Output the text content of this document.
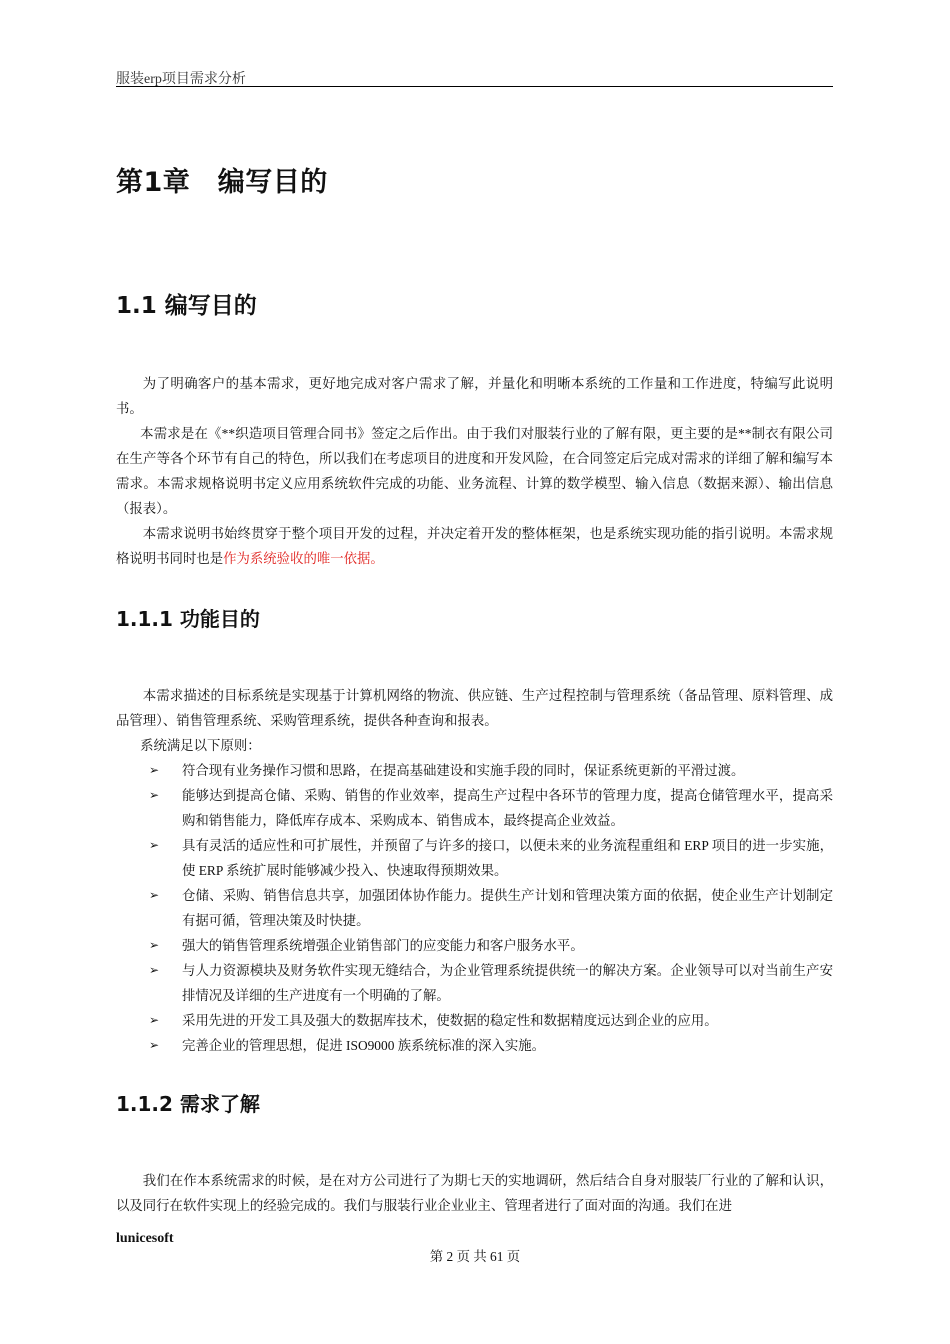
服装erp项目需求分析
第1章　编写目的
1.1 编写目的

为了明确客户的基本需求，更好地完成对客户需求了解，并量化和明晰本系统的工作量和工作进度，特编写此说明书。

本需求是在《**织造项目管理合同书》签定之后作出。由于我们对服装行业的了解有限，更主要的是**制衣有限公司在生产等各个环节有自己的特色，所以我们在考虑项目的进度和开发风险，在合同签定后完成对需求的详细了解和编写本需求。本需求规格说明书定义应用系统软件完成的功能、业务流程、计算的数学模型、输入信息（数据来源）、输出信息（报表）。

本需求说明书始终贯穿于整个项目开发的过程，并决定着开发的整体框架，也是系统实现功能的指引说明。本需求规格说明书同时也是作为系统验收的唯一依据。

1.1.1 功能目的

本需求描述的目标系统是实现基于计算机网络的物流、供应链、生产过程控制与管理系统（备品管理、原料管理、成品管理）、销售管理系统、采购管理系统，提供各种查询和报表。

系统满足以下原则：

➢ 符合现有业务操作习惯和思路，在提高基础建设和实施手段的同时，保证系统更新的平滑过渡。
➢ 能够达到提高仓储、采购、销售的作业效率，提高生产过程中各环节的管理力度，提高仓储管理水平，提高采购和销售能力，降低库存成本、采购成本、销售成本，最终提高企业效益。
➢ 具有灵活的适应性和可扩展性，并预留了与许多的接口，以便未来的业务流程重组和 ERP 项目的进一步实施，使 ERP 系统扩展时能够减少投入、快速取得预期效果。
➢ 仓储、采购、销售信息共享，加强团体协作能力。提供生产计划和管理决策方面的依据，使企业生产计划制定有据可循，管理决策及时快捷。
➢ 强大的销售管理系统增强企业销售部门的应变能力和客户服务水平。
➢ 与人力资源模块及财务软件实现无缝结合，为企业管理系统提供统一的解决方案。企业领导可以对当前生产安排情况及详细的生产进度有一个明确的了解。
➢ 采用先进的开发工具及强大的数据库技术，使数据的稳定性和数据精度远达到企业的应用。
➢ 完善企业的管理思想，促进 ISO9000 族系统标准的深入实施。
1.1.2 需求了解

我们在作本系统需求的时候，是在对方公司进行了为期七天的实地调研，然后结合自身对服装厂行业的了解和认识，以及同行在软件实现上的经验完成的。我们与服装行业企业业主、管理者进行了面对面的沟通。我们在进

lunicesoft
第 2 页 共 61 页
